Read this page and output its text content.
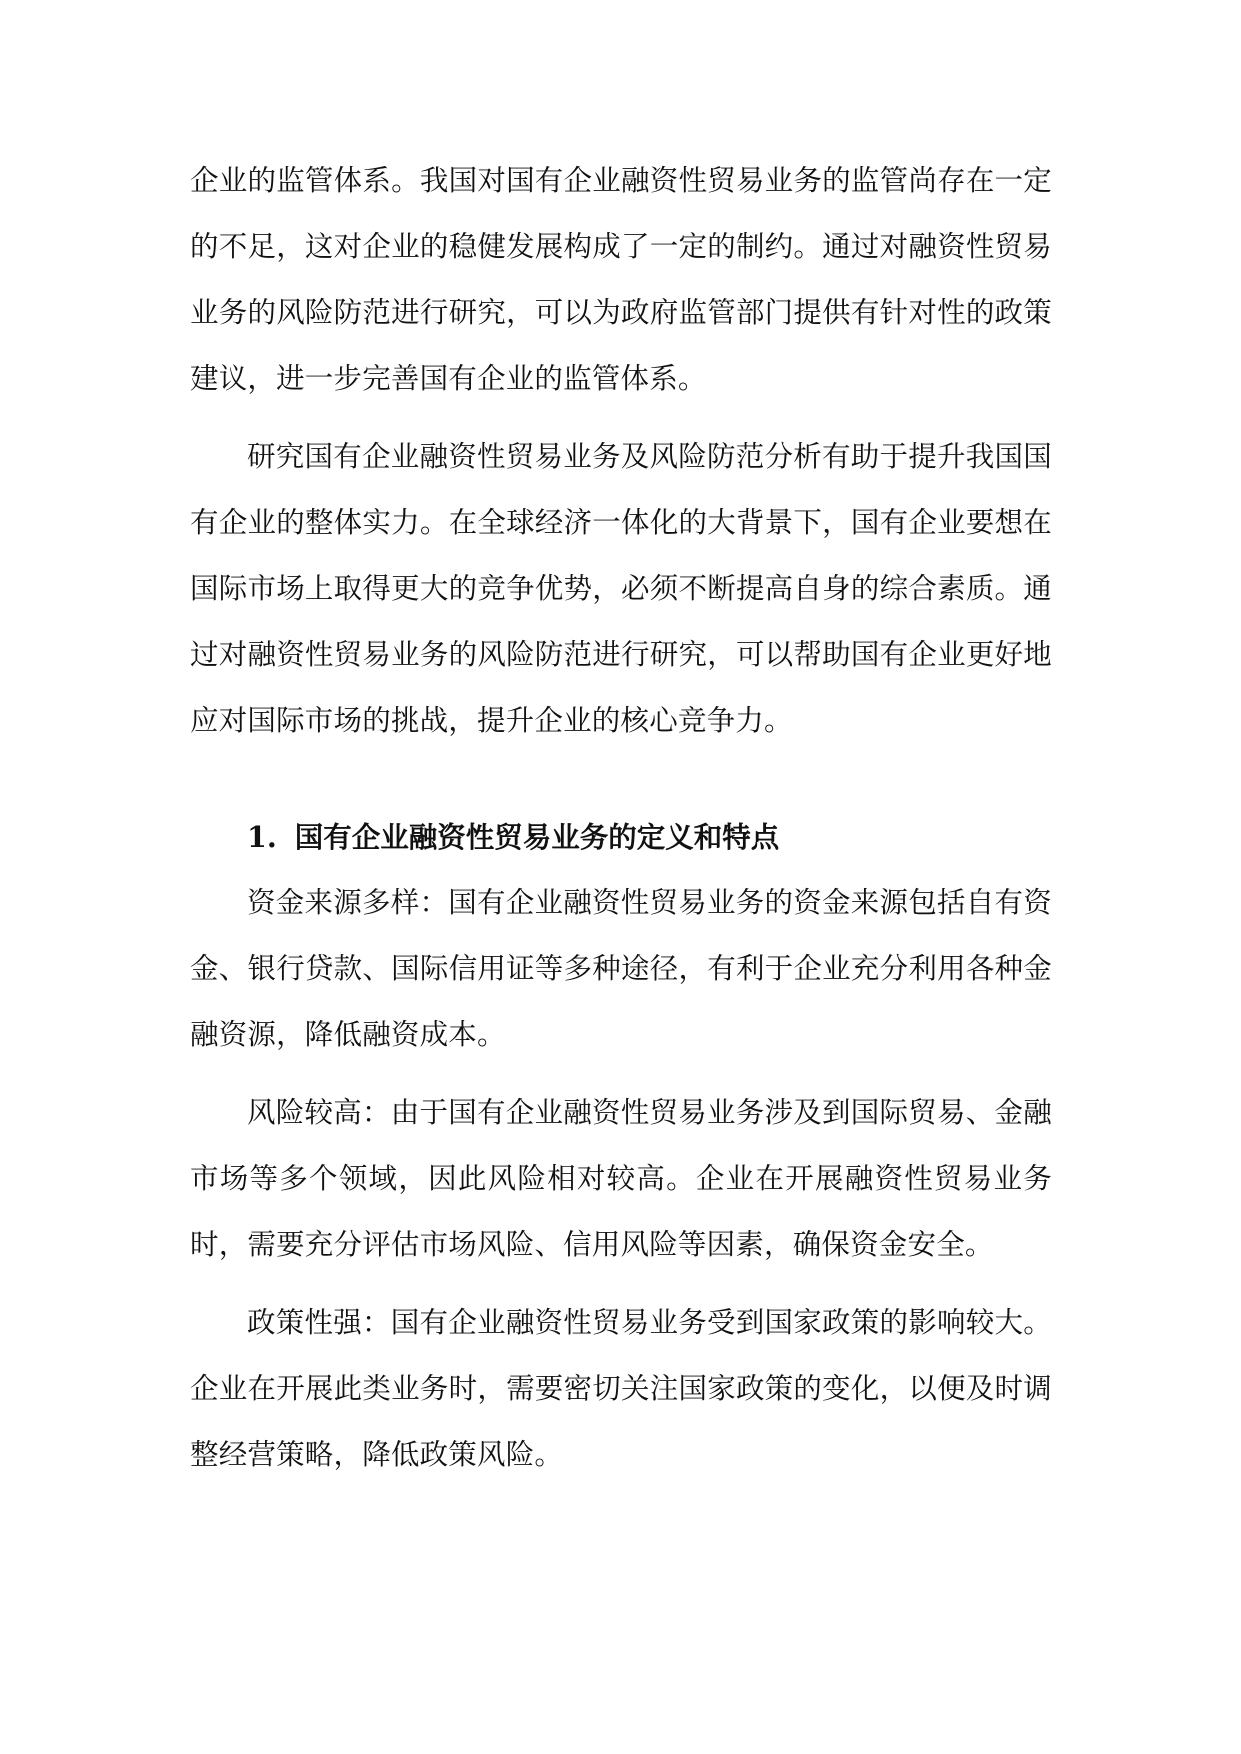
企业的监管体系。我国对国有企业融资性贸易业务的监管尚存在一定的不足，这对企业的稳健发展构成了一定的制约。通过对融资性贸易业务的风险防范进行研究，可以为政府监管部门提供有针对性的政策建议，进一步完善国有企业的监管体系。

研究国有企业融资性贸易业务及风险防范分析有助于提升我国国有企业的整体实力。在全球经济一体化的大背景下，国有企业要想在国际市场上取得更大的竞争优势，必须不断提高自身的综合素质。通过对融资性贸易业务的风险防范进行研究，可以帮助国有企业更好地应对国际市场的挑战，提升企业的核心竞争力。

1. 国有企业融资性贸易业务的定义和特点

资金来源多样：国有企业融资性贸易业务的资金来源包括自有资金、银行贷款、国际信用证等多种途径，有利于企业充分利用各种金融资源，降低融资成本。

风险较高：由于国有企业融资性贸易业务涉及到国际贸易、金融市场等多个领域，因此风险相对较高。企业在开展融资性贸易业务时，需要充分评估市场风险、信用风险等因素，确保资金安全。

政策性强：国有企业融资性贸易业务受到国家政策的影响较大。企业在开展此类业务时，需要密切关注国家政策的变化，以便及时调整经营策略，降低政策风险。
